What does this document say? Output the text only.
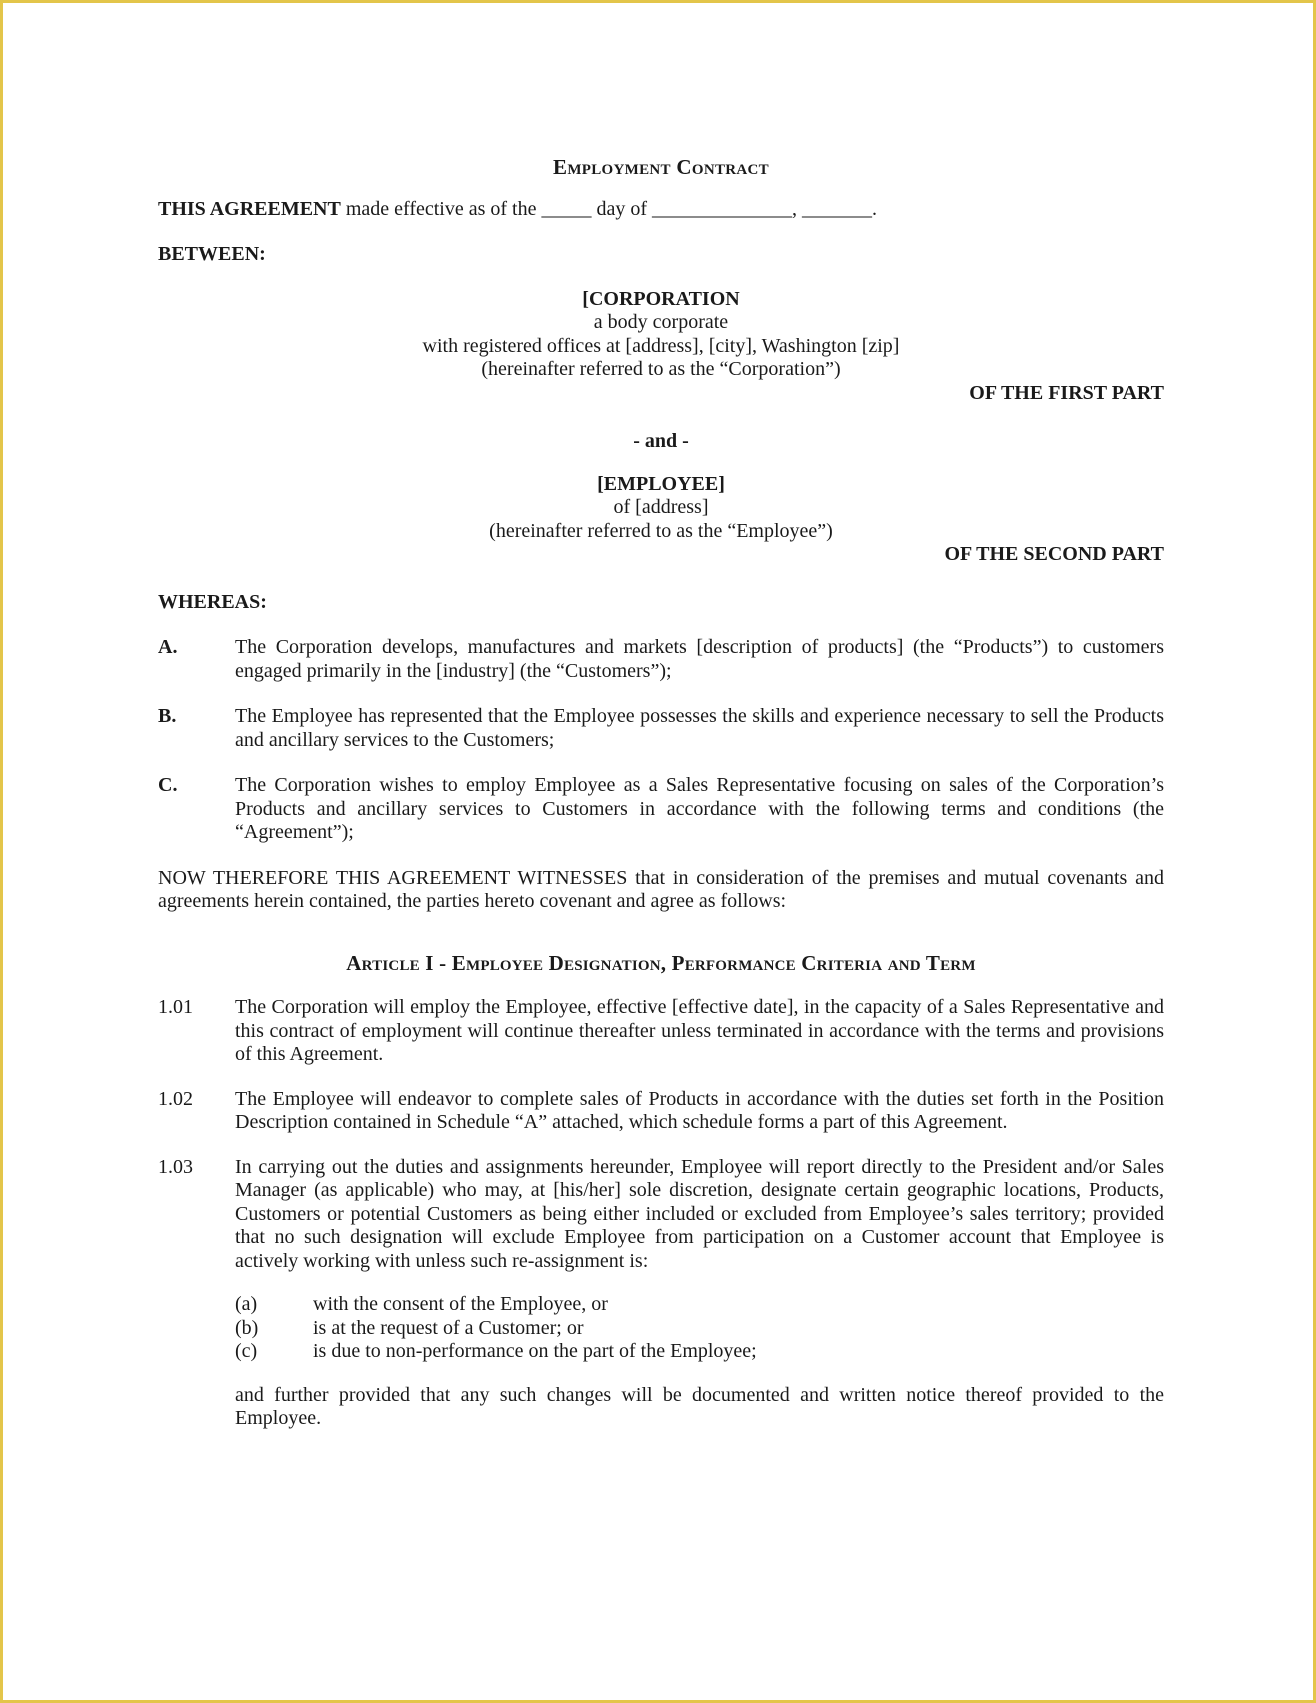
Employment Contract

THIS AGREEMENT made effective as of the _____ day of ______________, _______.

BETWEEN:

[CORPORATION
a body corporate
with registered offices at [address], [city], Washington [zip]
(hereinafter referred to as the “Corporation”)

OF THE FIRST PART

- and -
[EMPLOYEE]
of [address]
(hereinafter referred to as the “Employee”)

OF THE SECOND PART

WHEREAS:

A.	The Corporation develops, manufactures and markets [description of products] (the “Products”) to customers engaged primarily in the [industry] (the “Customers”);
B.	The Employee has represented that the Employee possesses the skills and experience necessary to sell the Products and ancillary services to the Customers;
C.	The Corporation wishes to employ Employee as a Sales Representative focusing on sales of the Corporation’s Products and ancillary services to Customers in accordance with the following terms and conditions (the “Agreement”);

NOW THEREFORE THIS AGREEMENT WITNESSES that in consideration of the premises and mutual covenants and agreements herein contained, the parties hereto covenant and agree as follows:

Article I - Employee Designation, Performance Criteria and Term
1.01	The Corporation will employ the Employee, effective [effective date], in the capacity of a Sales Representative and this contract of employment will continue thereafter unless terminated in accordance with the terms and provisions of this Agreement.
1.02	The Employee will endeavor to complete sales of Products in accordance with the duties set forth in the Position Description contained in Schedule “A” attached, which schedule forms a part of this Agreement.
1.03	In carrying out the duties and assignments hereunder, Employee will report directly to the President and/or Sales Manager (as applicable) who may, at [his/her] sole discretion, designate certain geographic locations, Products, Customers or potential Customers as being either included or excluded from Employee’s sales territory; provided that no such designation will exclude Employee from participation on a Customer account that Employee is actively working with unless such re-assignment is:
(a)	with the consent of the Employee, or
(b)	is at the request of a Customer; or
(c)	is due to non-performance on the part of the Employee;

and further provided that any such changes will be documented and written notice thereof provided to the Employee.
